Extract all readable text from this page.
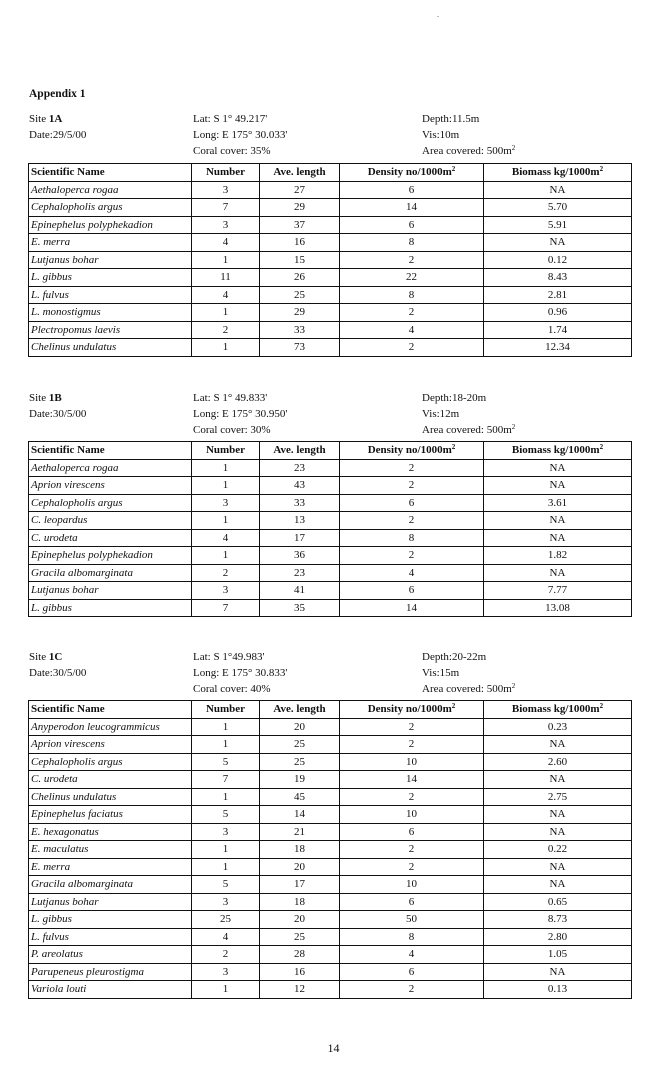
Appendix 1
Site 1A
Date:29/5/00
Lat: S 1° 49.217'
Long: E 175° 30.033'
Coral cover: 35%
Depth:11.5m
Vis:10m
Area covered: $500m^2$
Scientific Name	Number	Ave. length	Density $no/1000m^2$	Biomass $kg/1000m^2$
Aethaloperca rogaa	3	27	6	NA
Cephalopholis argus	7	29	14	5.70
Epinephelus polyphekadion	3	37	6	5.91
E. merra	4	16	8	NA
Lutjanus bohar	1	15	2	0.12
L. gibbus	11	26	22	8.43
L. fulvus	4	25	8	2.81
L. monostigmus	1	29	2	0.96
Plectropomus laevis	2	33	4	1.74
Chelinus undulatus	1	73	2	12.34
Site 1B
Date:30/5/00
Lat: S 1° 49.833'
Long: E 175° 30.950'
Coral cover: 30%
Depth:18-20m
Vis:12m
Area covered: $500m^2$
Scientific Name	Number	Ave. length	Density $no/1000m^2$	Biomass $kg/1000m^2$
Aethaloperca rogaa	1	23	2	NA
Aprion virescens	1	43	2	NA
Cephalopholis argus	3	33	6	3.61
C. leopardus	1	13	2	NA
C. urodeta	4	17	8	NA
Epinephelus polyphekadion	1	36	2	1.82
Gracila albomarginata	2	23	4	NA
Lutjanus bohar	3	41	6	7.77
L. gibbus	7	35	14	13.08
Site 1C
Date:30/5/00
Lat: S 1°49.983'
Long: E 175° 30.833'
Coral cover: 40%
Depth:20-22m
Vis:15m
Area covered: $500m^2$
Scientific Name	Number	Ave. length	Density $no/1000m^2$	Biomass $kg/1000m^2$
Anyperodon leucogrammicus	1	20	2	0.23
Aprion virescens	1	25	2	NA
Cephalopholis argus	5	25	10	2.60
C. urodeta	7	19	14	NA
Chelinus undulatus	1	45	2	2.75
Epinephelus faciatus	5	14	10	NA
E. hexagonatus	3	21	6	NA
E. maculatus	1	18	2	0.22
E. merra	1	20	2	NA
Gracila albomarginata	5	17	10	NA
Lutjanus bohar	3	18	6	0.65
L. gibbus	25	20	50	8.73
L. fulvus	4	25	8	2.80
P. areolatus	2	28	4	1.05
Parupeneus pleurostigma	3	16	6	NA
Variola louti	1	12	2	0.13
14
